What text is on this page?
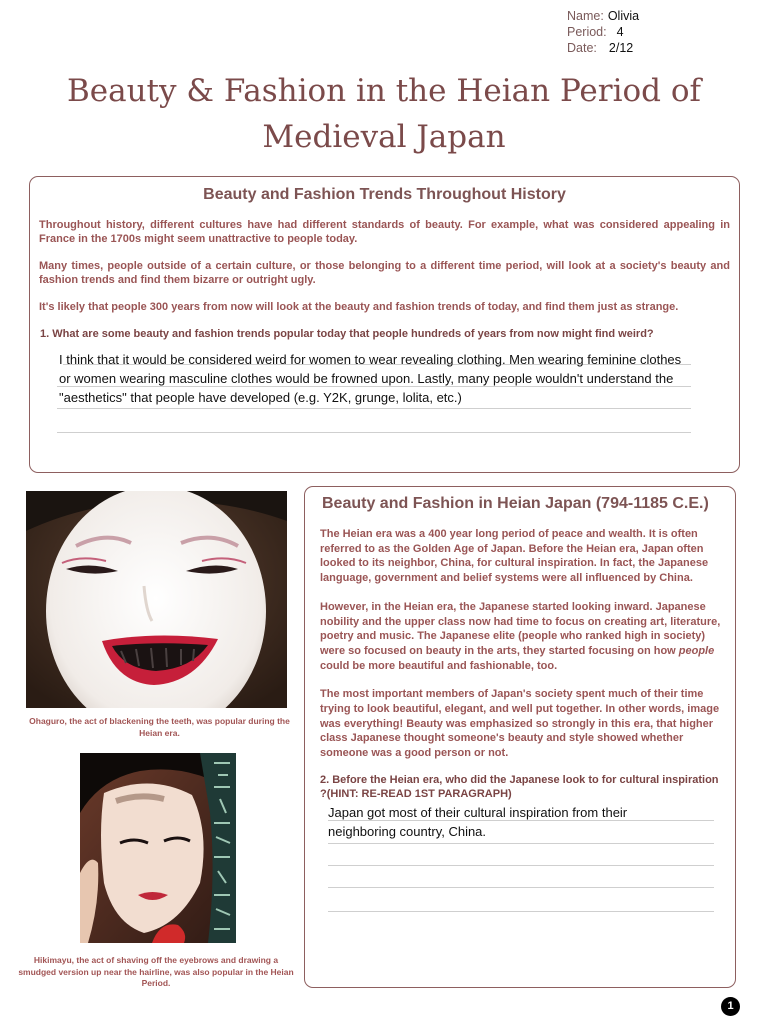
Name: Olivia
Period: 4
Date: 2/12
Beauty & Fashion in the Heian Period of
Medieval Japan
Beauty and Fashion Trends Throughout History

Throughout history, different cultures have had different standards of beauty. For example, what was considered appealing in France in the 1700s might seem unattractive to people today.

Many times, people outside of a certain culture, or those belonging to a different time period, will look at a society's beauty and fashion trends and find them bizarre or outright ugly.

It's likely that people 300 years from now will look at the beauty and fashion trends of today, and find them just as strange.

1. What are some beauty and fashion trends popular today that people hundreds of years from now might find weird?

I think that it would be considered weird for women to wear revealing clothing. Men wearing feminine clothes or women wearing masculine clothes would be frowned upon. Lastly, many people wouldn't understand the "aesthetics" that people have developed (e.g. Y2K, grunge, lolita, etc.)
Ohaguro, the act of blackening the teeth, was popular during the Heian era.
Hikimayu, the act of shaving off the eyebrows and drawing a smudged version up near the hairline, was also popular in the Heian Period.
Beauty and Fashion in Heian Japan (794-1185 C.E.)

The Heian era was a 400 year long period of peace and wealth. It is often referred to as the Golden Age of Japan. Before the Heian era, Japan often looked to its neighbor, China, for cultural inspiration. In fact, the Japanese language, government and belief systems were all influenced by China.

However, in the Heian era, the Japanese started looking inward. Japanese nobility and the upper class now had time to focus on creating art, literature, poetry and music. The Japanese elite (people who ranked high in society) were so focused on beauty in the arts, they started focusing on how people could be more beautiful and fashionable, too.

The most important members of Japan's society spent much of their time trying to look beautiful, elegant, and well put together. In other words, image was everything! Beauty was emphasized so strongly in this era, that higher class Japanese thought someone's beauty and style showed whether someone was a good person or not.

2. Before the Heian era, who did the Japanese look to for cultural inspiration ?(HINT: RE-READ 1ST PARAGRAPH)

Japan got most of their cultural inspiration from their neighboring country, China.
1
